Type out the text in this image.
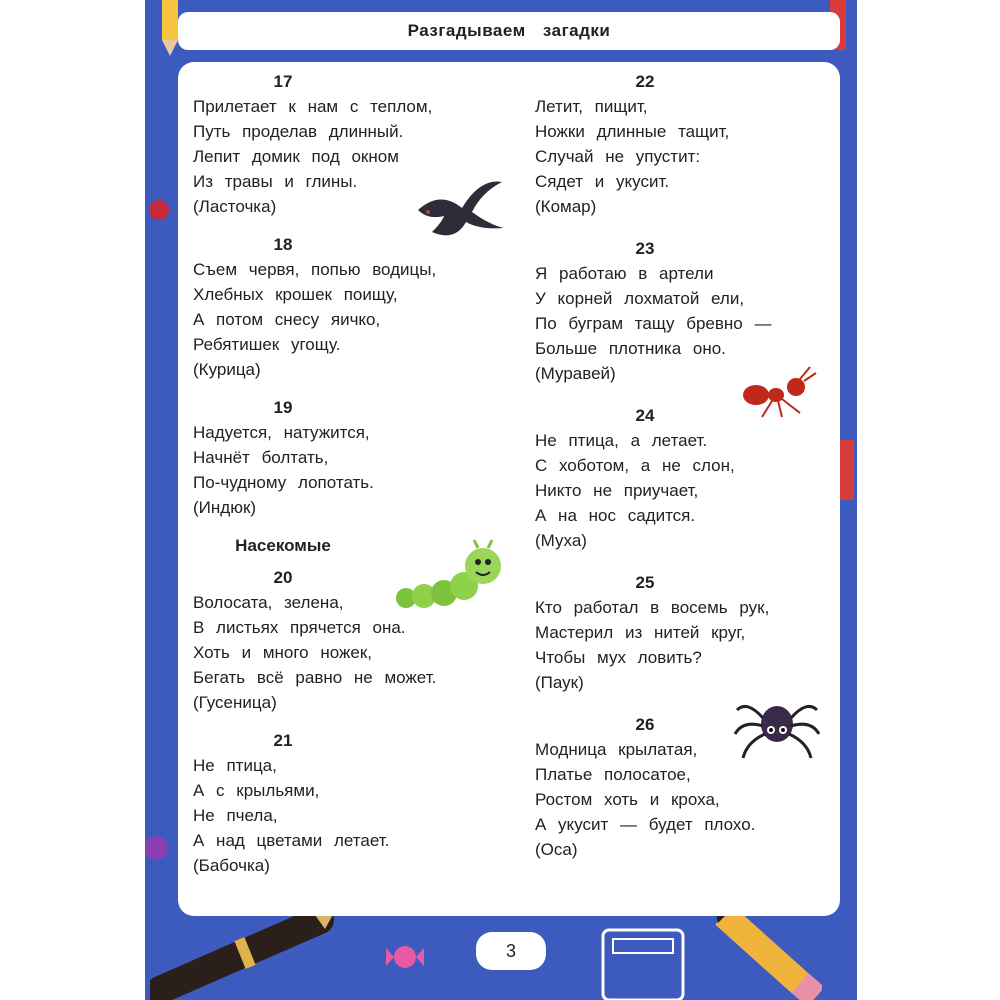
Разгадываем загадки
17
Прилетает к нам с теплом,
Путь проделав длинный.
Лепит домик под окном
Из травы и глины.
(Ласточка)
18
Съем червя, попью водицы,
Хлебных крошек поищу,
А потом снесу яичко,
Ребятишек угощу.
(Курица)
19
Надуется, натужится,
Начнёт болтать,
По-чудному лопотать.
(Индюк)
Насекомые
20
Волосата, зелена,
В листьях прячется она.
Хоть и много ножек,
Бегать всё равно не может.
(Гусеница)
21
Не птица,
А с крыльями,
Не пчела,
А над цветами летает.
(Бабочка)
22
Летит, пищит,
Ножки длинные тащит,
Случай не упустит:
Сядет и укусит.
(Комар)
23
Я работаю в артели
У корней лохматой ели,
По буграм тащу бревно —
Больше плотника оно.
(Муравей)
24
Не птица, а летает.
С хоботом, а не слон,
Никто не приучает,
А на нос садится.
(Муха)
25
Кто работал в восемь рук,
Мастерил из нитей круг,
Чтобы мух ловить?
(Паук)
26
Модница крылатая,
Платье полосатое,
Ростом хоть и кроха,
А укусит — будет плохо.
(Оса)
3
